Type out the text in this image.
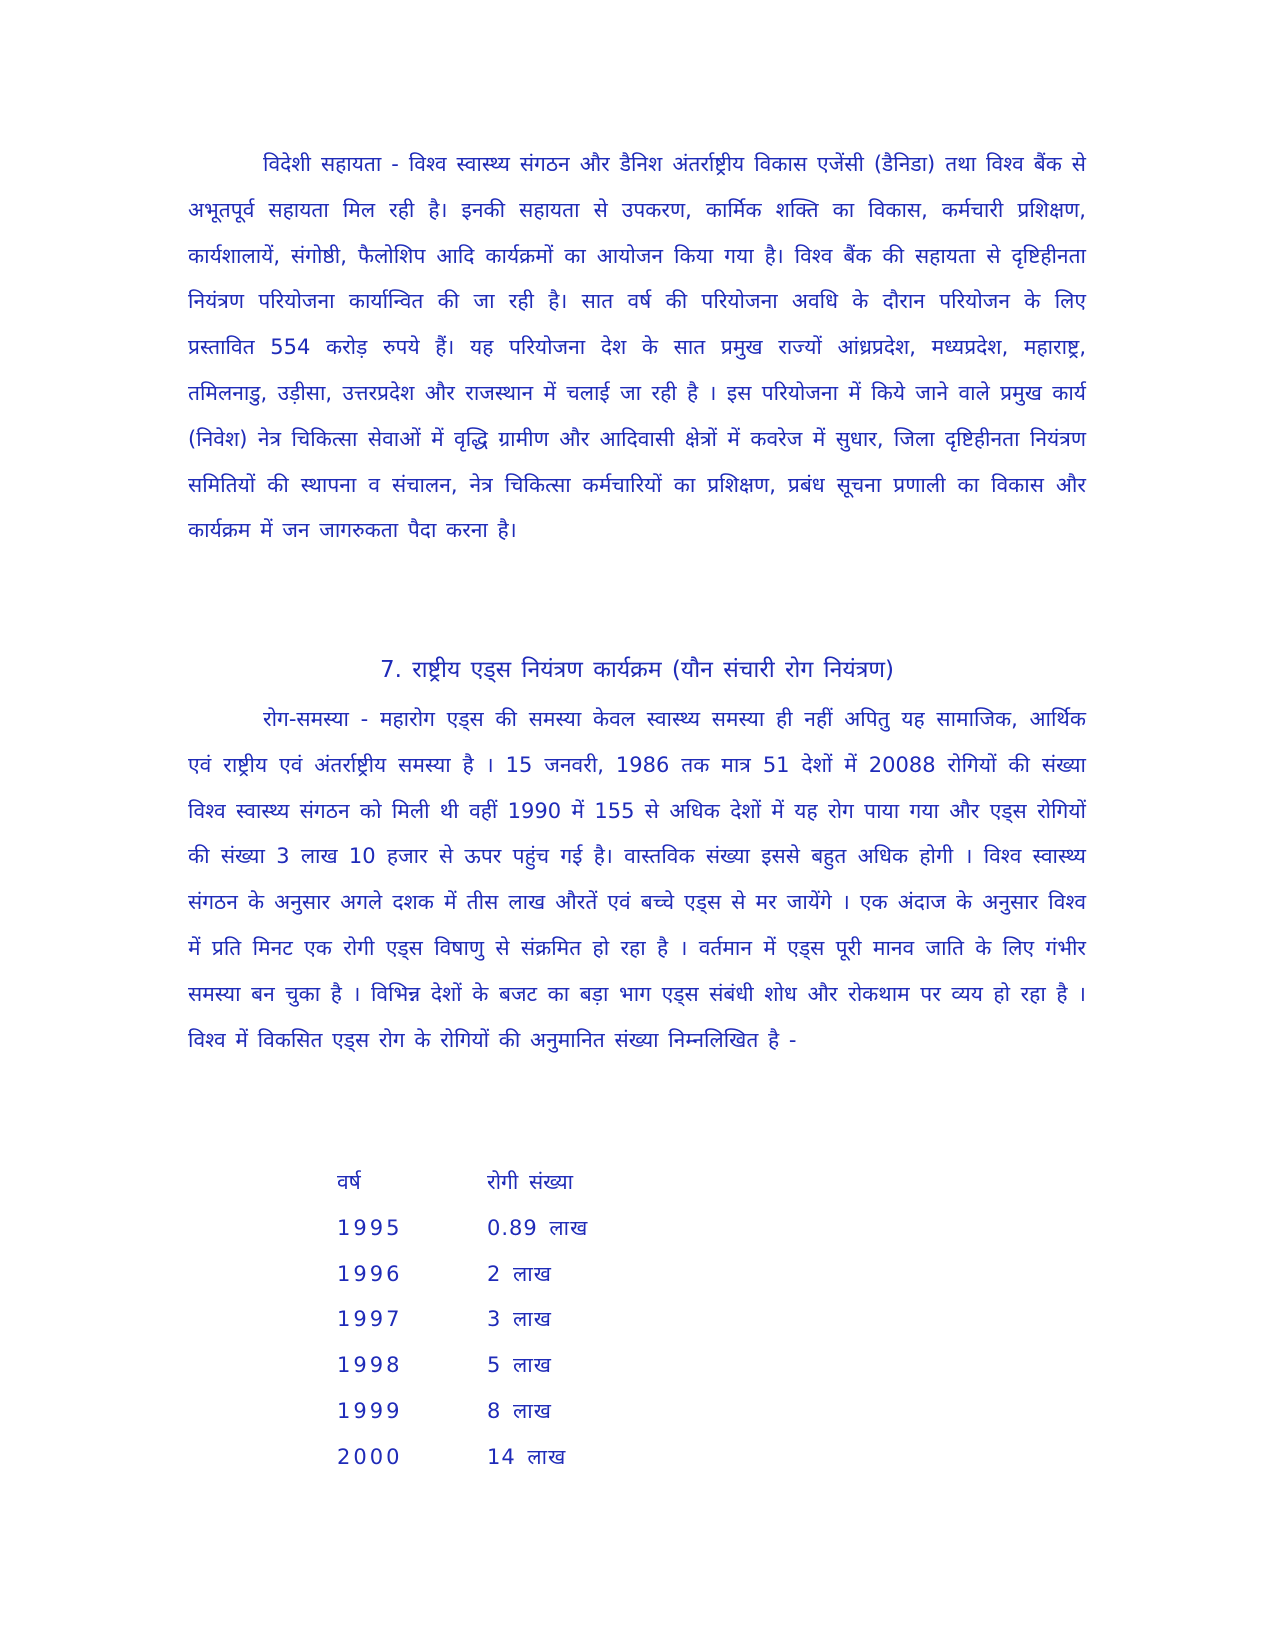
विदेशी सहायता - विश्व स्वास्थ्य संगठन और डैनिश अंतर्राष्ट्रीय विकास एजेंसी (डैनिडा) तथा विश्व बैंक से अभूतपूर्व सहायता मिल रही है। इनकी सहायता से उपकरण, कार्मिक शक्ति का विकास, कर्मचारी प्रशिक्षण, कार्यशालायें, संगोष्ठी, फैलोशिप आदि कार्यक्रमों का आयोजन किया गया है। विश्व बैंक की सहायता से दृष्टिहीनता नियंत्रण परियोजना कार्यान्वित की जा रही है। सात वर्ष की परियोजना अवधि के दौरान परियोजन के लिए प्रस्तावित 554 करोड़ रुपये हैं। यह परियोजना देश के सात प्रमुख राज्यों आंध्रप्रदेश, मध्यप्रदेश, महाराष्ट्र, तमिलनाडु, उड़ीसा, उत्तरप्रदेश और राजस्थान में चलाई जा रही है । इस परियोजना में किये जाने वाले प्रमुख कार्य (निवेश) नेत्र चिकित्सा सेवाओं में वृद्धि ग्रामीण और आदिवासी क्षेत्रों में कवरेज में सुधार, जिला दृष्टिहीनता नियंत्रण समितियों की स्थापना व संचालन, नेत्र चिकित्सा कर्मचारियों का प्रशिक्षण, प्रबंध सूचना प्रणाली का विकास और कार्यक्रम में जन जागरुकता पैदा करना है।

7. राष्ट्रीय एड्स नियंत्रण कार्यक्रम (यौन संचारी रोग नियंत्रण)

रोग-समस्या - महारोग एड्स की समस्या केवल स्वास्थ्य समस्या ही नहीं अपितु यह सामाजिक, आर्थिक एवं राष्ट्रीय एवं अंतर्राष्ट्रीय समस्या है । 15 जनवरी, 1986 तक मात्र 51 देशों में 20088 रोगियों की संख्या विश्व स्वास्थ्य संगठन को मिली थी वहीं 1990 में 155 से अधिक देशों में यह रोग पाया गया और एड्स रोगियों की संख्या 3 लाख 10 हजार से ऊपर पहुंच गई है। वास्तविक संख्या इससे बहुत अधिक होगी । विश्व स्वास्थ्य संगठन के अनुसार अगले दशक में तीस लाख औरतें एवं बच्चे एड्स से मर जायेंगे । एक अंदाज के अनुसार विश्व में प्रति मिनट एक रोगी एड्स विषाणु से संक्रमित हो रहा है । वर्तमान में एड्स पूरी मानव जाति के लिए गंभीर समस्या बन चुका है । विभिन्न देशों के बजट का बड़ा भाग एड्स संबंधी शोध और रोकथाम पर व्यय हो रहा है । विश्व में विकसित एड्स रोग के रोगियों की अनुमानित संख्या निम्नलिखित है -

वर्ष	रोगी संख्या
1995	0.89 लाख
1996	2 लाख
1997	3 लाख
1998	5 लाख
1999	8 लाख
2000	14 लाख
